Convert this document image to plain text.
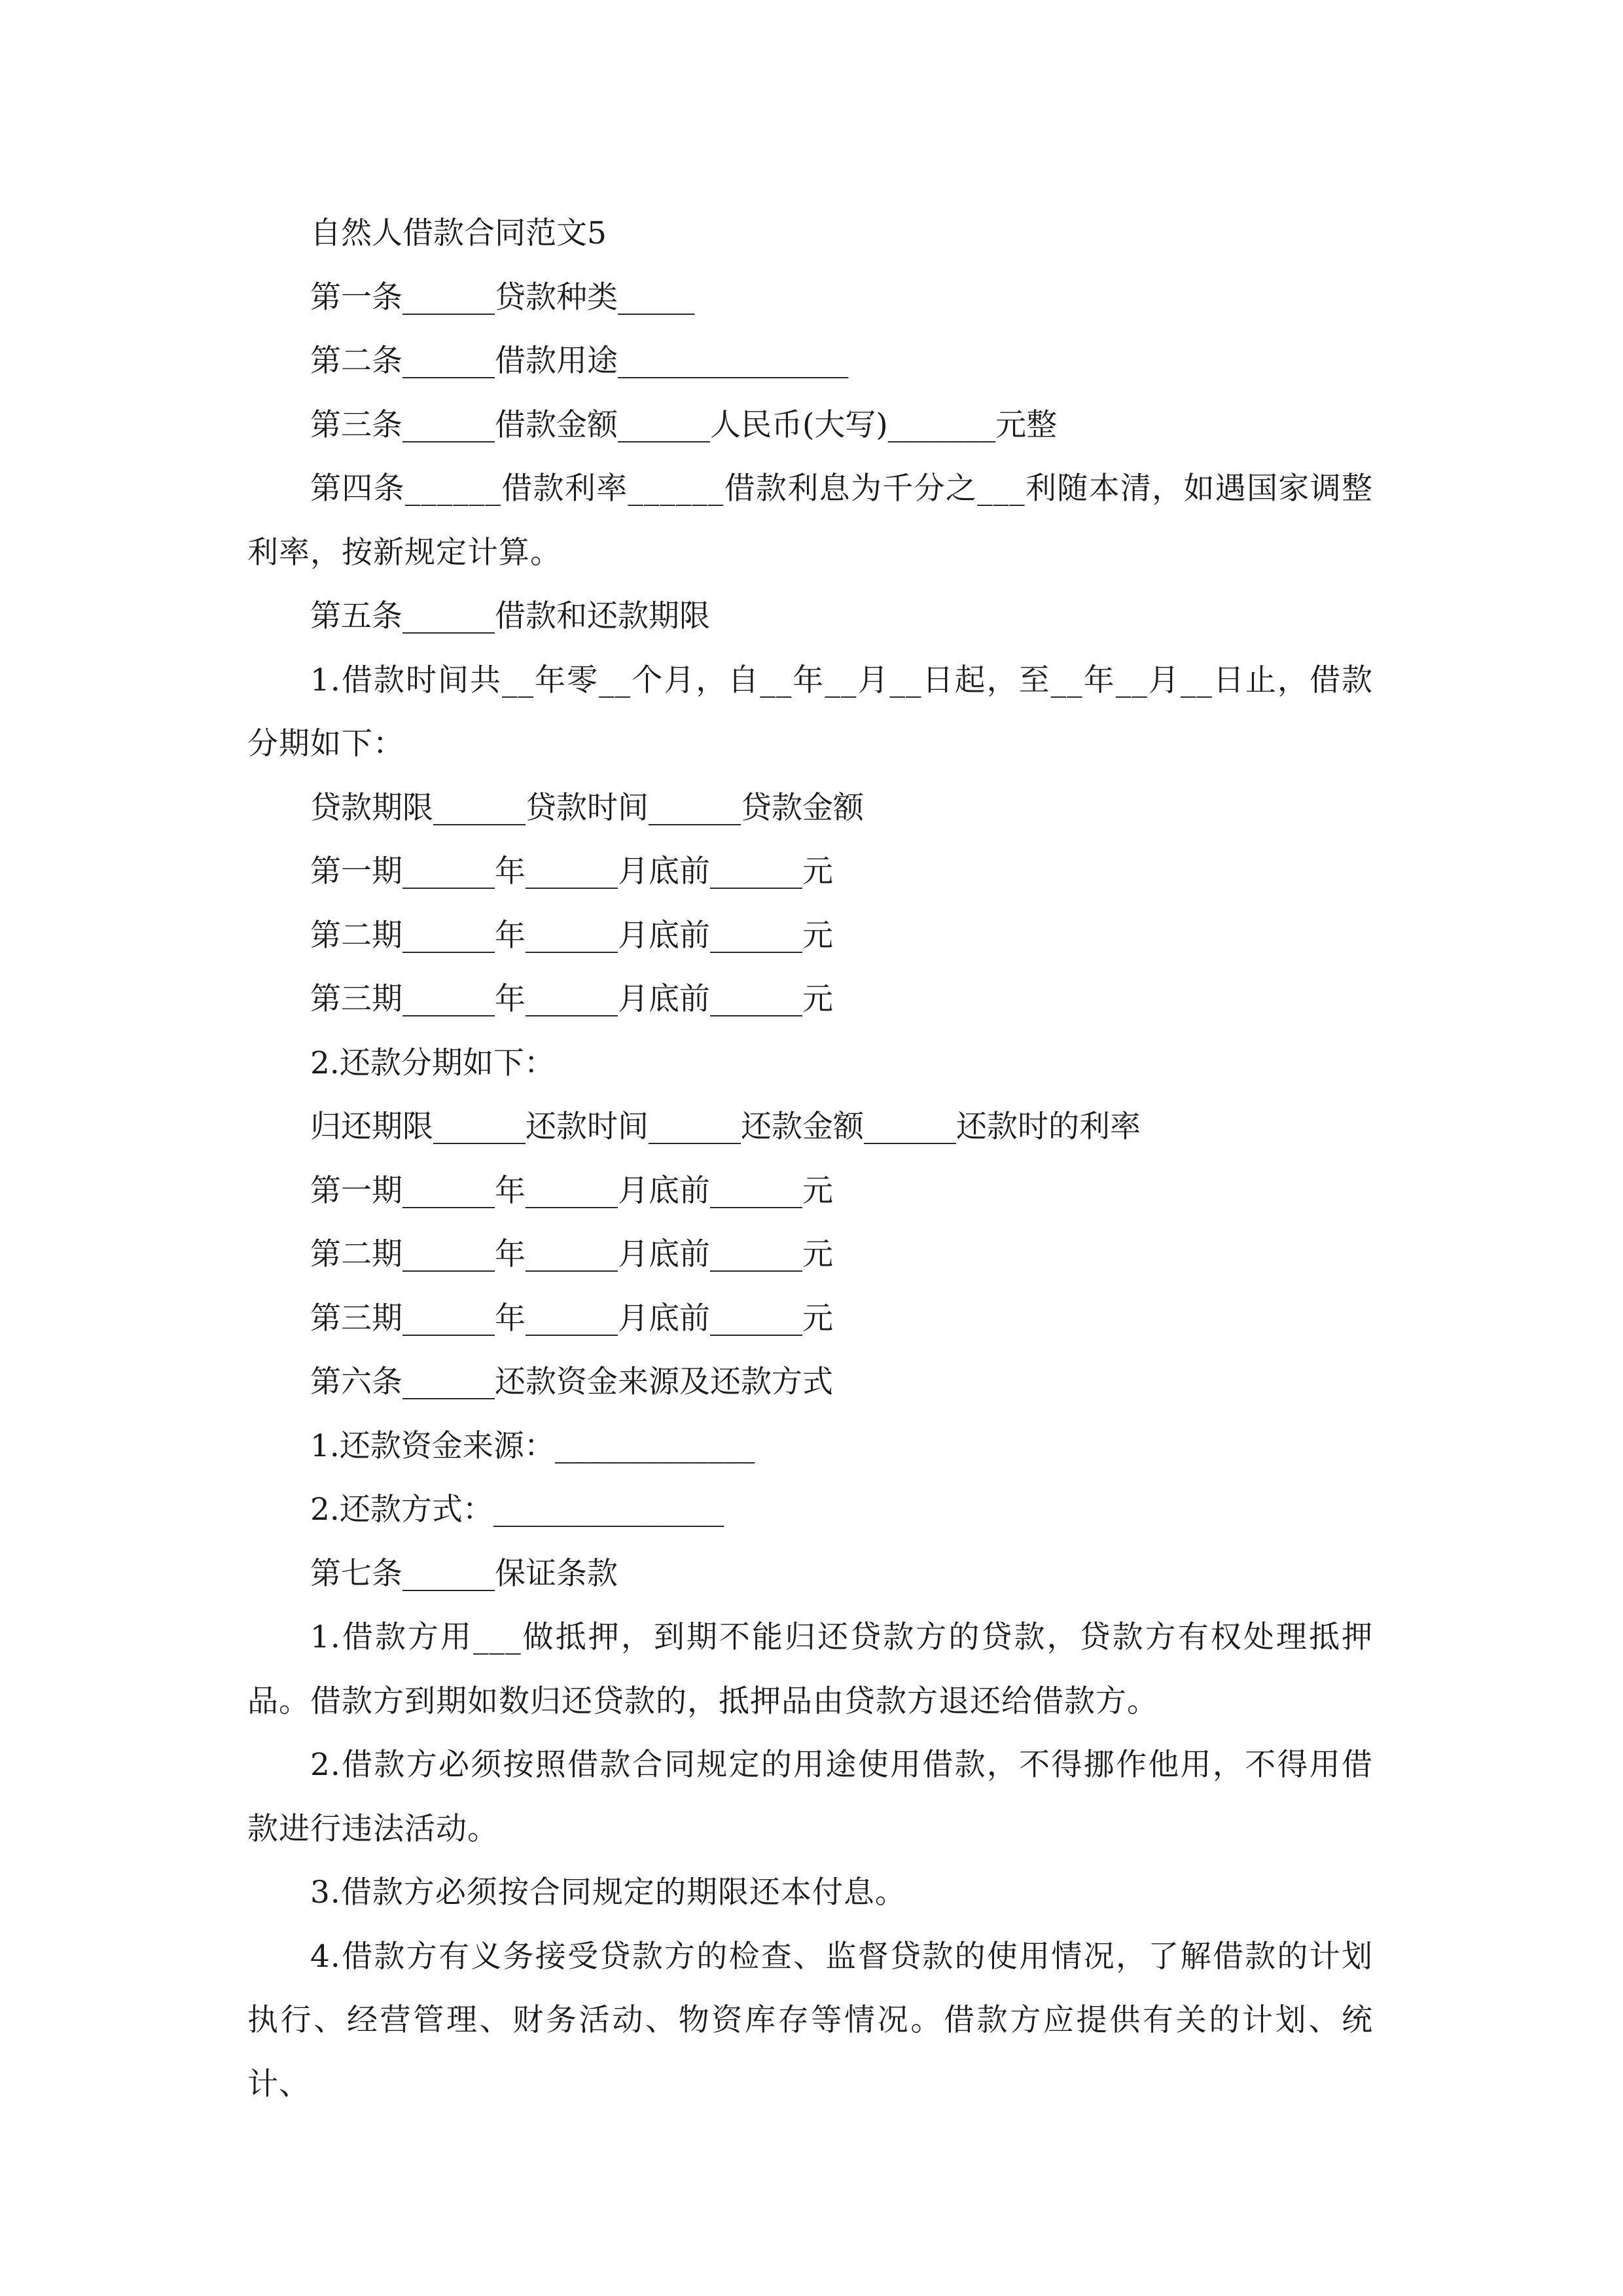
自然人借款合同范文5

第一条______贷款种类_____

第二条______借款用途_______________

第三条______借款金额______人民币(大写)_______元整

第四条______借款利率______借款利息为千分之___利随本清，如遇国家调整利率，按新规定计算。

第五条______借款和还款期限

1.借款时间共__年零__个月，自__年__月__日起，至__年__月__日止，借款分期如下：

贷款期限______贷款时间______贷款金额

第一期______年______月底前______元

第二期______年______月底前______元

第三期______年______月底前______元

2.还款分期如下：

归还期限______还款时间______还款金额______还款时的利率

第一期______年______月底前______元

第二期______年______月底前______元

第三期______年______月底前______元

第六条______还款资金来源及还款方式

1.还款资金来源：_____________

2.还款方式：_______________

第七条______保证条款

1.借款方用___做抵押，到期不能归还贷款方的贷款，贷款方有权处理抵押品。借款方到期如数归还贷款的，抵押品由贷款方退还给借款方。

2.借款方必须按照借款合同规定的用途使用借款，不得挪作他用，不得用借款进行违法活动。

3.借款方必须按合同规定的期限还本付息。

4.借款方有义务接受贷款方的检查、监督贷款的使用情况，了解借款的计划执行、经营管理、财务活动、物资库存等情况。借款方应提供有关的计划、统计、
